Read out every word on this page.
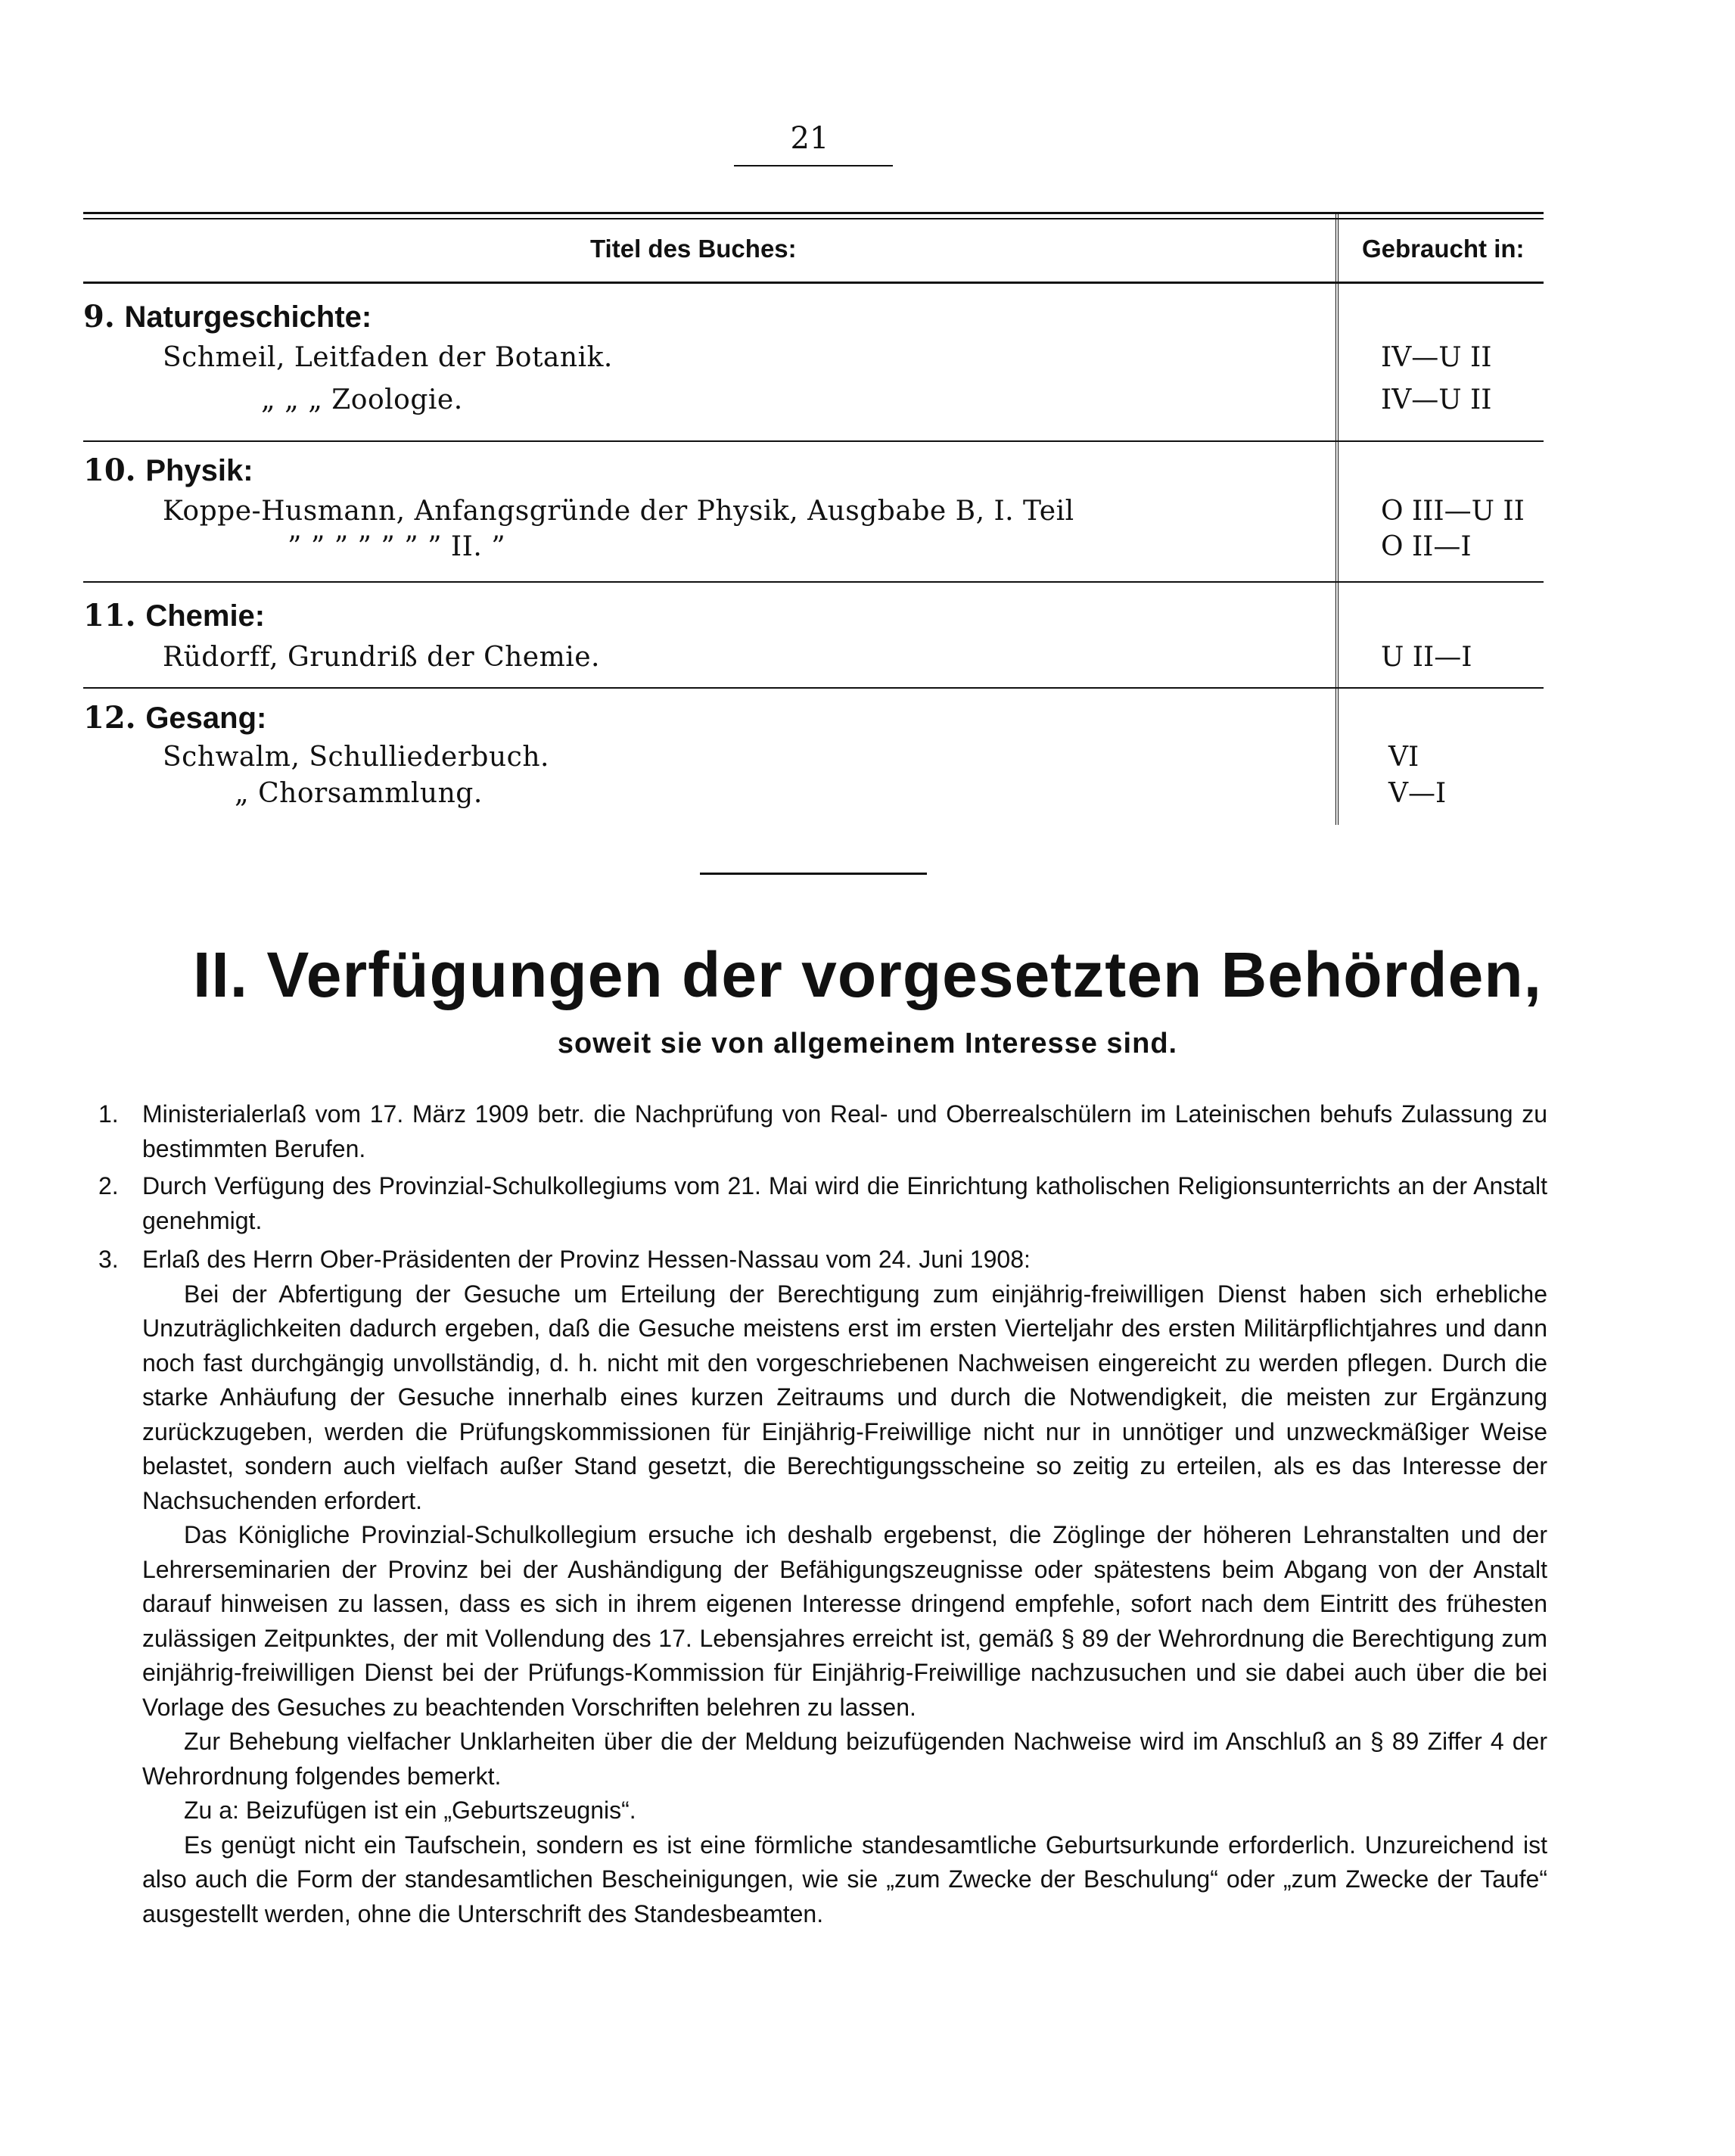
21
Titel des Buches:	Gebraucht in:
9. Naturgeschichte:
Schmeil, Leitfaden der Botanik.	IV—U II
„ „ „ Zoologie.	IV—U II
10. Physik:
Koppe-Husmann, Anfangsgründe der Physik, Ausgbabe B, I. Teil	O III—U II
” ” ” ” ” ” ” II. ”	O II—I
11. Chemie:
Rüdorff, Grundriß der Chemie.	U II—I
12. Gesang:
Schwalm, Schulliederbuch.	VI
„ Chorsammlung.	V—I
II. Verfügungen der vorgesetzten Behörden,
soweit sie von allgemeinem Interesse sind.
1. Ministerialerlaß vom 17. März 1909 betr. die Nachprüfung von Real- und Oberrealschülern im Lateinischen behufs Zulassung zu bestimmten Berufen.

2. Durch Verfügung des Provinzial-Schulkollegiums vom 21. Mai wird die Einrichtung katholischen Religionsunterrichts an der Anstalt genehmigt.

3. Erlaß des Herrn Ober-Präsidenten der Provinz Hessen-Nassau vom 24. Juni 1908:

Bei der Abfertigung der Gesuche um Erteilung der Berechtigung zum einjährig-freiwilligen Dienst haben sich erhebliche Unzuträglichkeiten dadurch ergeben, daß die Gesuche meistens erst im ersten Vierteljahr des ersten Militärpflichtjahres und dann noch fast durchgängig unvollständig, d. h. nicht mit den vorgeschriebenen Nachweisen eingereicht zu werden pflegen. Durch die starke Anhäufung der Gesuche innerhalb eines kurzen Zeitraums und durch die Notwendigkeit, die meisten zur Ergänzung zurückzugeben, werden die Prüfungskommissionen für Einjährig-Freiwillige nicht nur in unnötiger und unzweckmäßiger Weise belastet, sondern auch vielfach außer Stand gesetzt, die Berechtigungsscheine so zeitig zu erteilen, als es das Interesse der Nachsuchenden erfordert.

Das Königliche Provinzial-Schulkollegium ersuche ich deshalb ergebenst, die Zöglinge der höheren Lehranstalten und der Lehrerseminarien der Provinz bei der Aushändigung der Befähigungszeugnisse oder spätestens beim Abgang von der Anstalt darauf hinweisen zu lassen, dass es sich in ihrem eigenen Interesse dringend empfehle, sofort nach dem Eintritt des frühesten zulässigen Zeitpunktes, der mit Vollendung des 17. Lebensjahres erreicht ist, gemäß § 89 der Wehrordnung die Berechtigung zum einjährig-freiwilligen Dienst bei der Prüfungs-Kommission für Einjährig-Freiwillige nachzusuchen und sie dabei auch über die bei Vorlage des Gesuches zu beachtenden Vorschriften belehren zu lassen.

Zur Behebung vielfacher Unklarheiten über die der Meldung beizufügenden Nachweise wird im Anschluß an § 89 Ziffer 4 der Wehrordnung folgendes bemerkt.

Zu a: Beizufügen ist ein „Geburtszeugnis“.

Es genügt nicht ein Taufschein, sondern es ist eine förmliche standesamtliche Geburtsurkunde erforderlich. Unzureichend ist also auch die Form der standesamtlichen Bescheinigungen, wie sie „zum Zwecke der Beschulung“ oder „zum Zwecke der Taufe“ ausgestellt werden, ohne die Unterschrift des Standesbeamten.
